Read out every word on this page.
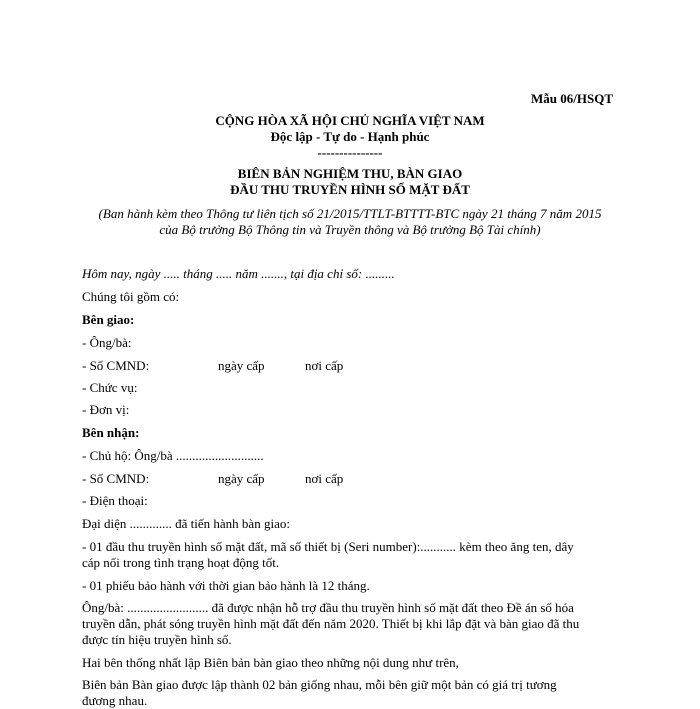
Mẫu 06/HSQT
CỘNG HÒA XÃ HỘI CHỦ NGHĨA VIỆT NAM
Độc lập - Tự do - Hạnh phúc
---------------
BIÊN BẢN NGHIỆM THU, BÀN GIAO
ĐẦU THU TRUYỀN HÌNH SỐ MẶT ĐẤT
(Ban hành kèm theo Thông tư liên tịch số 21/2015/TTLT-BTTTT-BTC ngày 21 tháng 7 năm 2015
của Bộ trưởng Bộ Thông tin và Truyền thông và Bộ trưởng Bộ Tài chính)
Hôm nay, ngày ..... tháng ..... năm ......., tại địa chỉ số: .........
Chúng tôi gồm có:
Bên giao:
- Ông/bà:
- Số CMND:	ngày cấp	nơi cấp
- Chức vụ:
- Đơn vị:
Bên nhận:
- Chủ hộ: Ông/bà ...........................
- Số CMND:	ngày cấp	nơi cấp
- Điện thoại:
Đại diện ............. đã tiến hành bàn giao:
- 01 đầu thu truyền hình số mặt đất, mã số thiết bị (Seri number):........... kèm theo ăng ten, dây
cáp nối trong tình trạng hoạt động tốt.
- 01 phiếu bảo hành với thời gian bảo hành là 12 tháng.
Ông/bà: ......................... đã được nhận hỗ trợ đầu thu truyền hình số mặt đất theo Đề án số hóa
truyền dẫn, phát sóng truyền hình mặt đất đến năm 2020. Thiết bị khi lắp đặt và bàn giao đã thu
được tín hiệu truyền hình số.
Hai bên thống nhất lập Biên bản bàn giao theo những nội dung như trên,
Biên bản Bàn giao được lập thành 02 bản giống nhau, mỗi bên giữ một bản có giá trị tương
đương nhau.
